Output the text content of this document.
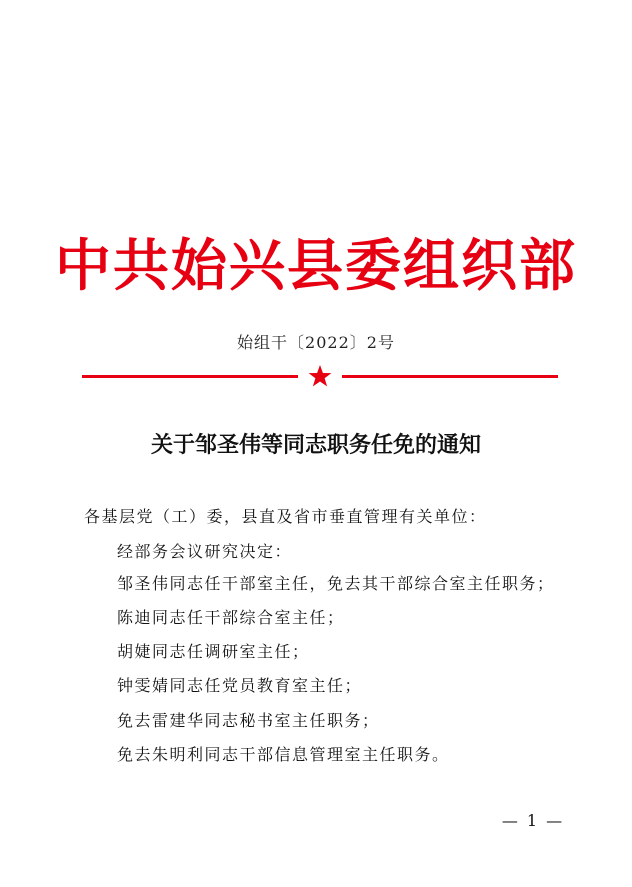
中共始兴县委组织部
始组干〔2022〕2号
关于邹圣伟等同志职务任免的通知
各基层党（工）委，县直及省市垂直管理有关单位：
经部务会议研究决定：
邹圣伟同志任干部室主任，免去其干部综合室主任职务；
陈迪同志任干部综合室主任；
胡婕同志任调研室主任；
钟雯婧同志任党员教育室主任；
免去雷建华同志秘书室主任职务；
免去朱明利同志干部信息管理室主任职务。
— 1 —
